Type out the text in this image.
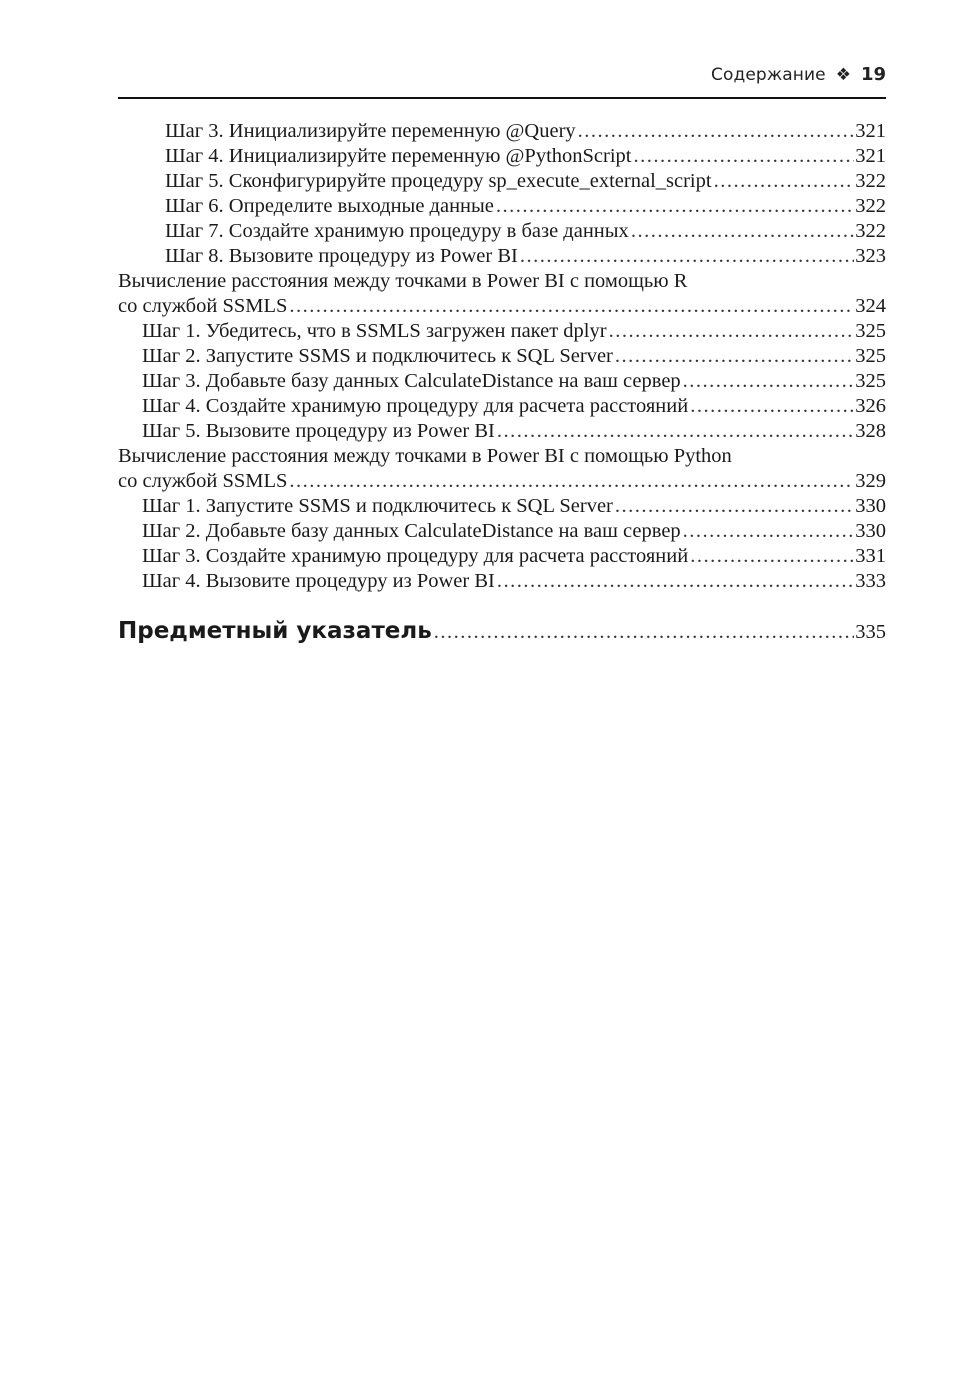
Содержание ❖ 19
Шаг 3. Инициализируйте переменную @Query .....	321
Шаг 4. Инициализируйте переменную @PythonScript .....	321
Шаг 5. Сконфигурируйте процедуру sp_execute_external_script .....	322
Шаг 6. Определите выходные данные .....	322
Шаг 7. Создайте хранимую процедуру в базе данных .....	322
Шаг 8. Вызовите процедуру из Power BI .....	323
Вычисление расстояния между точками в Power BI с помощью R
со службой SSMLS .....	324
Шаг 1. Убедитесь, что в SSMLS загружен пакет dplyr .....	325
Шаг 2. Запустите SSMS и подключитесь к SQL Server .....	325
Шаг 3. Добавьте базу данных CalculateDistance на ваш сервер .....	325
Шаг 4. Создайте хранимую процедуру для расчета расстояний .....	326
Шаг 5. Вызовите процедуру из Power BI .....	328
Вычисление расстояния между точками в Power BI с помощью Python
со службой SSMLS .....	329
Шаг 1. Запустите SSMS и подключитесь к SQL Server .....	330
Шаг 2. Добавьте базу данных CalculateDistance на ваш сервер .....	330
Шаг 3. Создайте хранимую процедуру для расчета расстояний .....	331
Шаг 4. Вызовите процедуру из Power BI .....	333
Предметный указатель .....	335
